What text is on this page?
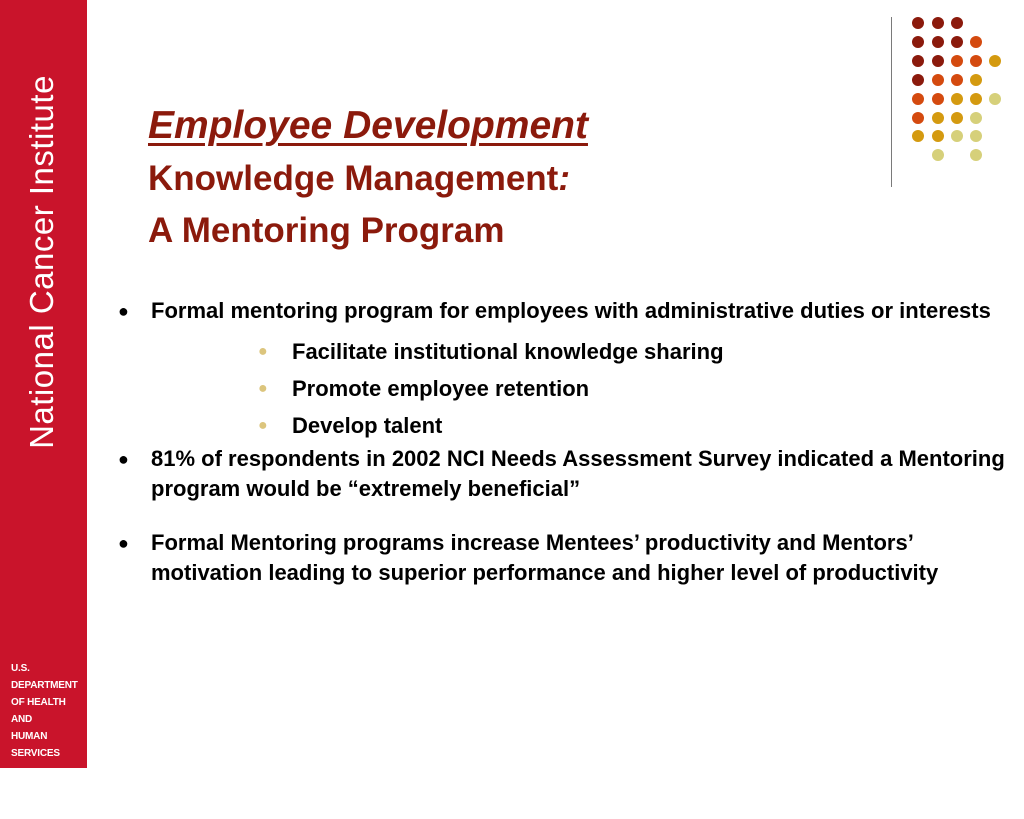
National Cancer Institute
U.S. DEPARTMENT
OF HEALTH AND
HUMAN SERVICES
National Institutes
of Health
Employee Development
Knowledge Management:
A Mentoring Program
● Formal mentoring program for employees with administrative duties or interests
● Facilitate institutional knowledge sharing
● Promote employee retention
● Develop talent
● 81% of respondents in 2002 NCI Needs Assessment Survey indicated a Mentoring program would be “extremely beneficial”
● Formal Mentoring programs increase Mentees’ productivity and Mentors’ motivation leading to superior performance and higher level of productivity
